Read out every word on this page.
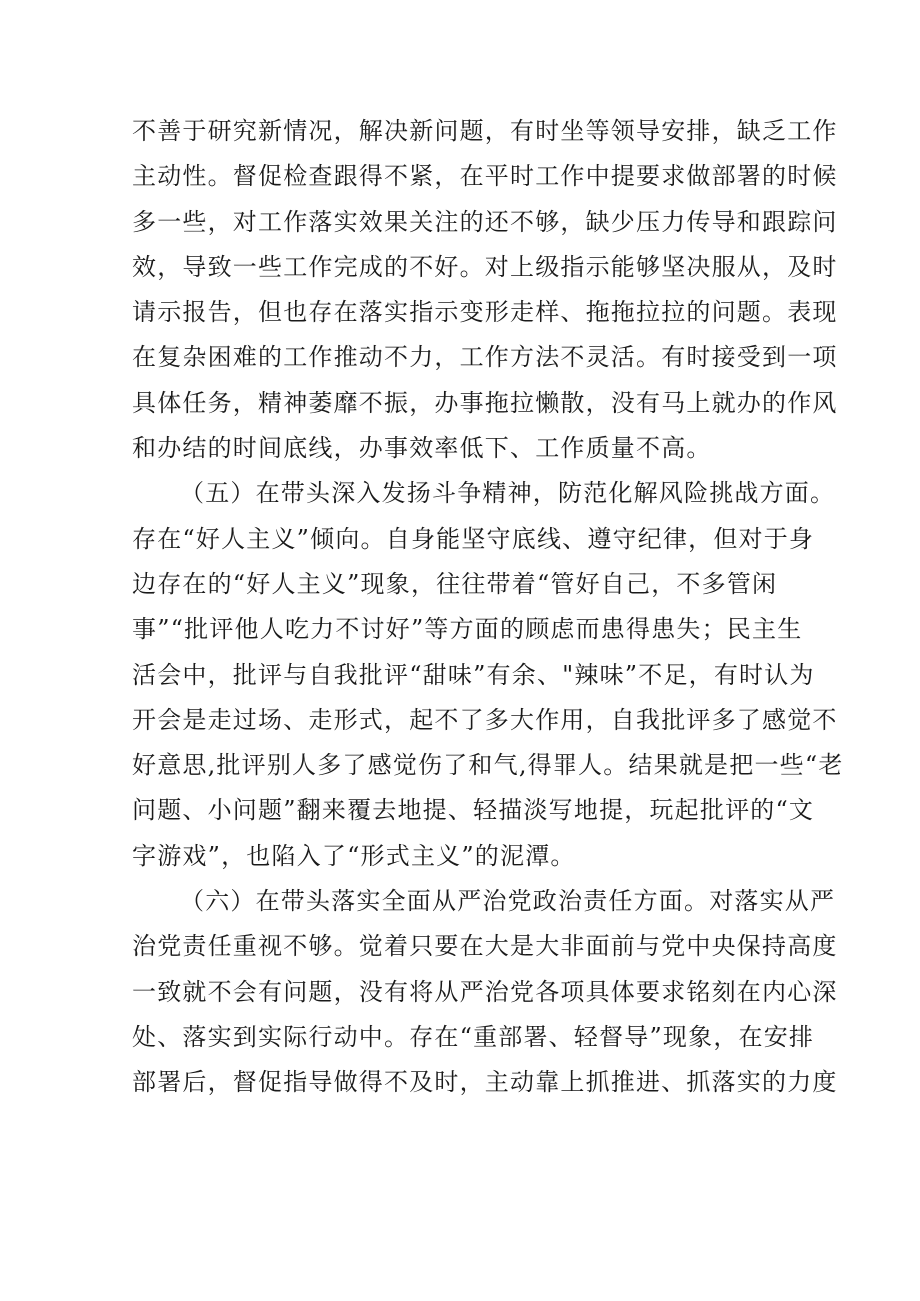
不善于研究新情况，解决新问题，有时坐等领导安排，缺乏工作
主动性。督促检查跟得不紧，在平时工作中提要求做部署的时候
多一些，对工作落实效果关注的还不够，缺少压力传导和跟踪问
效，导致一些工作完成的不好。对上级指示能够坚决服从，及时
请示报告，但也存在落实指示变形走样、拖拖拉拉的问题。表现
在复杂困难的工作推动不力，工作方法不灵活。有时接受到一项
具体任务，精神萎靡不振，办事拖拉懒散，没有马上就办的作风
和办结的时间底线，办事效率低下、工作质量不高。
（五）在带头深入发扬斗争精神，防范化解风险挑战方面。
存在“好人主义”倾向。自身能坚守底线、遵守纪律，但对于身
边存在的“好人主义”现象，往往带着“管好自己，不多管闲
事”“批评他人吃力不讨好”等方面的顾虑而患得患失；民主生
活会中，批评与自我批评“甜味”有余、"辣味”不足，有时认为
开会是走过场、走形式，起不了多大作用，自我批评多了感觉不
好意思,批评别人多了感觉伤了和气,得罪人。结果就是把一些“老
问题、小问题”翻来覆去地提、轻描淡写地提，玩起批评的“文
字游戏”，也陷入了“形式主义”的泥潭。
（六）在带头落实全面从严治党政治责任方面。对落实从严
治党责任重视不够。觉着只要在大是大非面前与党中央保持高度
一致就不会有问题，没有将从严治党各项具体要求铭刻在内心深
处、落实到实际行动中。存在“重部署、轻督导”现象，在安排
部署后，督促指导做得不及时，主动靠上抓推进、抓落实的力度
